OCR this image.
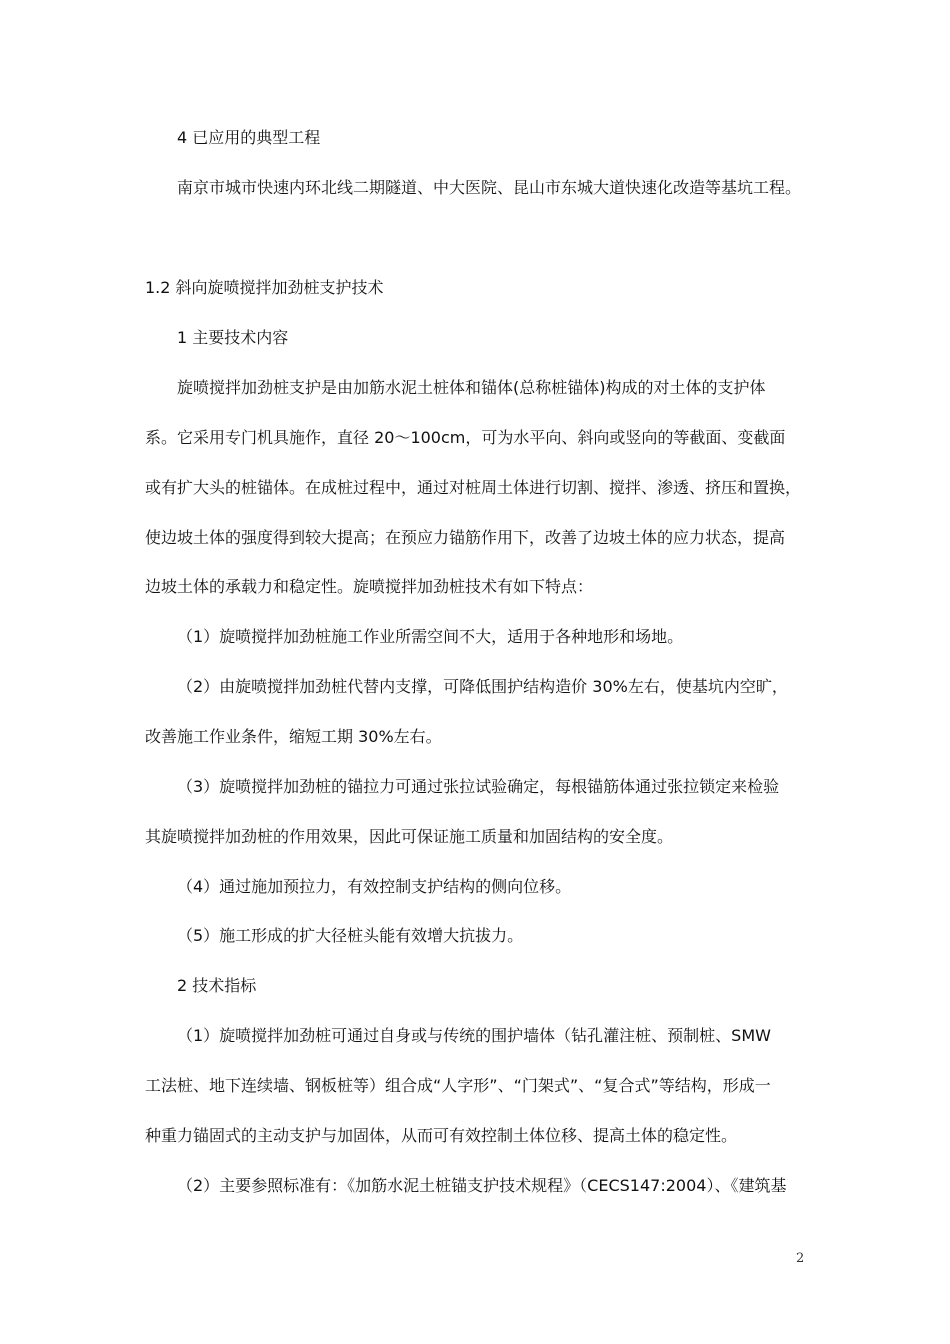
4 已应用的典型工程
南京市城市快速内环北线二期隧道、中大医院、昆山市东城大道快速化改造等基坑工程。
1.2 斜向旋喷搅拌加劲桩支护技术
1 主要技术内容
旋喷搅拌加劲桩支护是由加筋水泥土桩体和锚体(总称桩锚体)构成的对土体的支护体
系。它采用专门机具施作，直径 20～100cm，可为水平向、斜向或竖向的等截面、变截面
或有扩大头的桩锚体。在成桩过程中，通过对桩周土体进行切割、搅拌、渗透、挤压和置换，
使边坡土体的强度得到较大提高；在预应力锚筋作用下，改善了边坡土体的应力状态，提高
边坡土体的承载力和稳定性。旋喷搅拌加劲桩技术有如下特点：
（1）旋喷搅拌加劲桩施工作业所需空间不大，适用于各种地形和场地。
（2）由旋喷搅拌加劲桩代替内支撑，可降低围护结构造价 30%左右，使基坑内空旷，
改善施工作业条件，缩短工期 30%左右。
（3）旋喷搅拌加劲桩的锚拉力可通过张拉试验确定，每根锚筋体通过张拉锁定来检验
其旋喷搅拌加劲桩的作用效果，因此可保证施工质量和加固结构的安全度。
（4）通过施加预拉力，有效控制支护结构的侧向位移。
（5）施工形成的扩大径桩头能有效增大抗拔力。
2 技术指标
（1）旋喷搅拌加劲桩可通过自身或与传统的围护墙体（钻孔灌注桩、预制桩、SMW
工法桩、地下连续墙、钢板桩等）组合成“人字形”、“门架式”、“复合式”等结构，形成一
种重力锚固式的主动支护与加固体，从而可有效控制土体位移、提高土体的稳定性。
（2）主要参照标准有：《加筋水泥土桩锚支护技术规程》（CECS147:2004）、《建筑基
2
